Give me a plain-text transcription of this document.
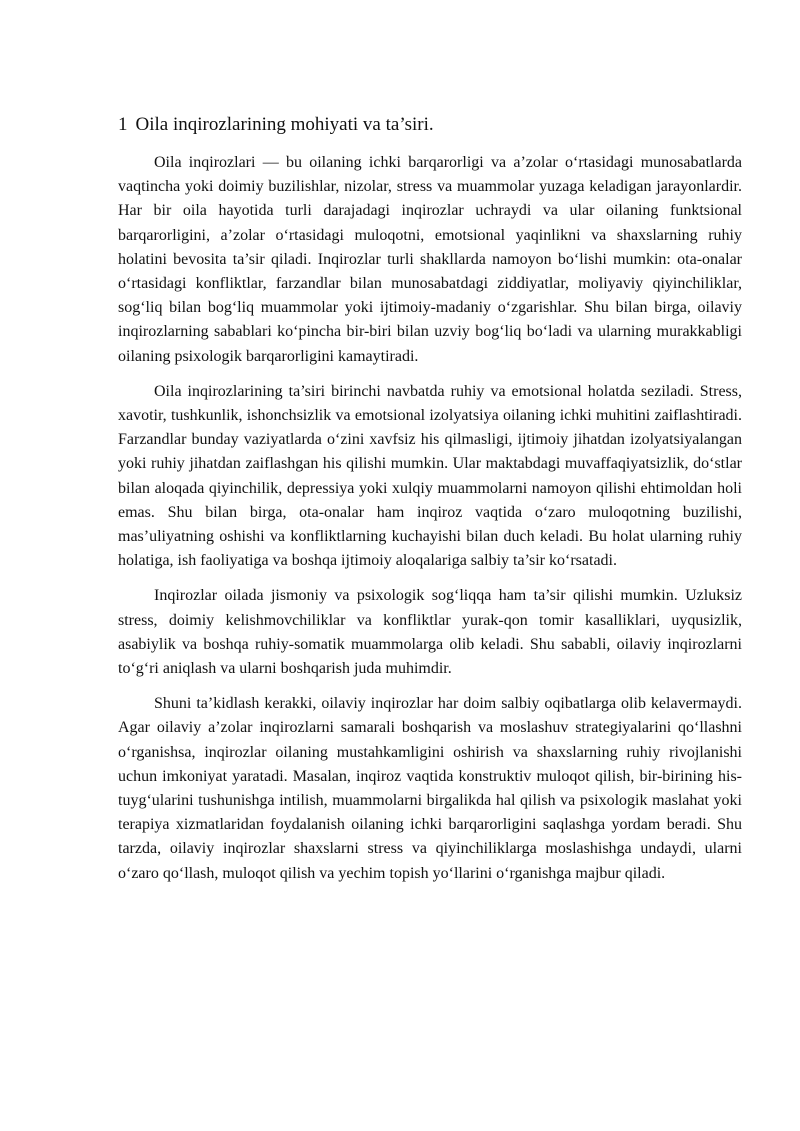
1 Oila inqirozlarining mohiyati va ta’siri.

Oila inqirozlari — bu oilaning ichki barqarorligi va a’zolar o‘rtasidagi munosabatlarda vaqtincha yoki doimiy buzilishlar, nizolar, stress va muammolar yuzaga keladigan jarayonlardir. Har bir oila hayotida turli darajadagi inqirozlar uchraydi va ular oilaning funktsional barqarorligini, a’zolar o‘rtasidagi muloqotni, emotsional yaqinlikni va shaxslarning ruhiy holatini bevosita ta’sir qiladi. Inqirozlar turli shakllarda namoyon bo‘lishi mumkin: ota-onalar o‘rtasidagi konfliktlar, farzandlar bilan munosabatdagi ziddiyatlar, moliyaviy qiyinchiliklar, sog‘liq bilan bog‘liq muammolar yoki ijtimoiy-madaniy o‘zgarishlar. Shu bilan birga, oilaviy inqirozlarning sabablari ko‘pincha bir-biri bilan uzviy bog‘liq bo‘ladi va ularning murakkabligi oilaning psixologik barqarorligini kamaytiradi.

Oila inqirozlarining ta’siri birinchi navbatda ruhiy va emotsional holatda seziladi. Stress, xavotir, tushkunlik, ishonchsizlik va emotsional izolyatsiya oilaning ichki muhitini zaiflashtiradi. Farzandlar bunday vaziyatlarda o‘zini xavfsiz his qilmasligi, ijtimoiy jihatdan izolyatsiyalangan yoki ruhiy jihatdan zaiflashgan his qilishi mumkin. Ular maktabdagi muvaffaqiyatsizlik, do‘stlar bilan aloqada qiyinchilik, depressiya yoki xulqiy muammolarni namoyon qilishi ehtimoldan holi emas. Shu bilan birga, ota-onalar ham inqiroz vaqtida o‘zaro muloqotning buzilishi, mas’uliyatning oshishi va konfliktlarning kuchayishi bilan duch keladi. Bu holat ularning ruhiy holatiga, ish faoliyatiga va boshqa ijtimoiy aloqalariga salbiy ta’sir ko‘rsatadi.

Inqirozlar oilada jismoniy va psixologik sog‘liqqa ham ta’sir qilishi mumkin. Uzluksiz stress, doimiy kelishmovchiliklar va konfliktlar yurak-qon tomir kasalliklari, uyqusizlik, asabiylik va boshqa ruhiy-somatik muammolarga olib keladi. Shu sababli, oilaviy inqirozlarni to‘g‘ri aniqlash va ularni boshqarish juda muhimdir.

Shuni ta’kidlash kerakki, oilaviy inqirozlar har doim salbiy oqibatlarga olib kelavermaydi. Agar oilaviy a’zolar inqirozlarni samarali boshqarish va moslashuv strategiyalarini qo‘llashni o‘rganishsa, inqirozlar oilaning mustahkamligini oshirish va shaxslarning ruhiy rivojlanishi uchun imkoniyat yaratadi. Masalan, inqiroz vaqtida konstruktiv muloqot qilish, bir-birining his-tuyg‘ularini tushunishga intilish, muammolarni birgalikda hal qilish va psixologik maslahat yoki terapiya xizmatlaridan foydalanish oilaning ichki barqarorligini saqlashga yordam beradi. Shu tarzda, oilaviy inqirozlar shaxslarni stress va qiyinchiliklarga moslashishga undaydi, ularni o‘zaro qo‘llash, muloqot qilish va yechim topish yo‘llarini o‘rganishga majbur qiladi.
